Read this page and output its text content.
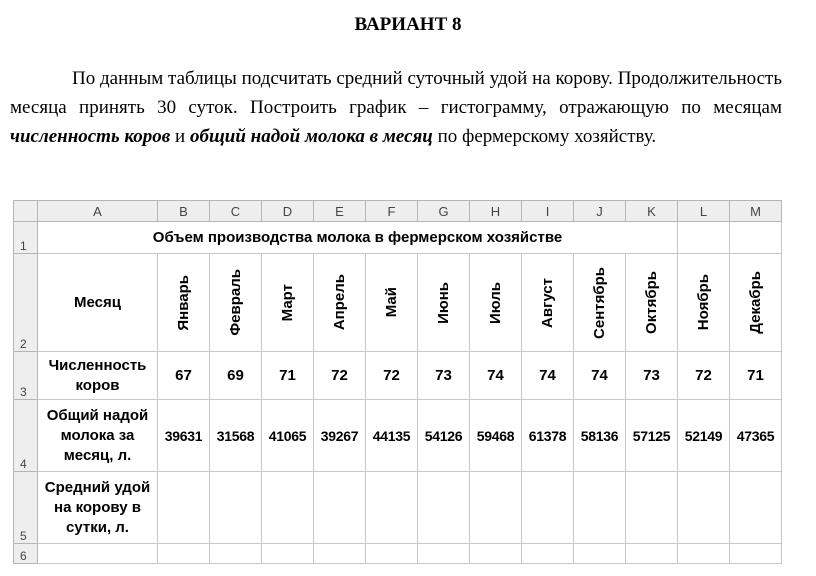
ВАРИАНТ 8
По данным таблицы подсчитать средний суточный удой на корову. Продолжительность месяца принять 30 суток. Построить график – гистограмму, отражающую по месяцам численность коров и общий надой молока в месяц по фермерскому хозяйству.
	A	B	C	D	E	F	G	H	I	J	K	L	M
1	Объем производства молока в фермерском хозяйстве												
2	Месяц	Январь	Февраль	Март	Апрель	Май	Июнь	Июль	Август	Сентябрь	Октябрь	Ноябрь	Декабрь

3	Численность коров	67	69	71	72	72	73	74	74	74	73	72	71
4	Общий надой молока за месяц, л.	39631	31568	41065	39267	44135	54126	59468	61378	58136	57125	52149	47365
5	Средний удой на корову в сутки, л.												
6													
